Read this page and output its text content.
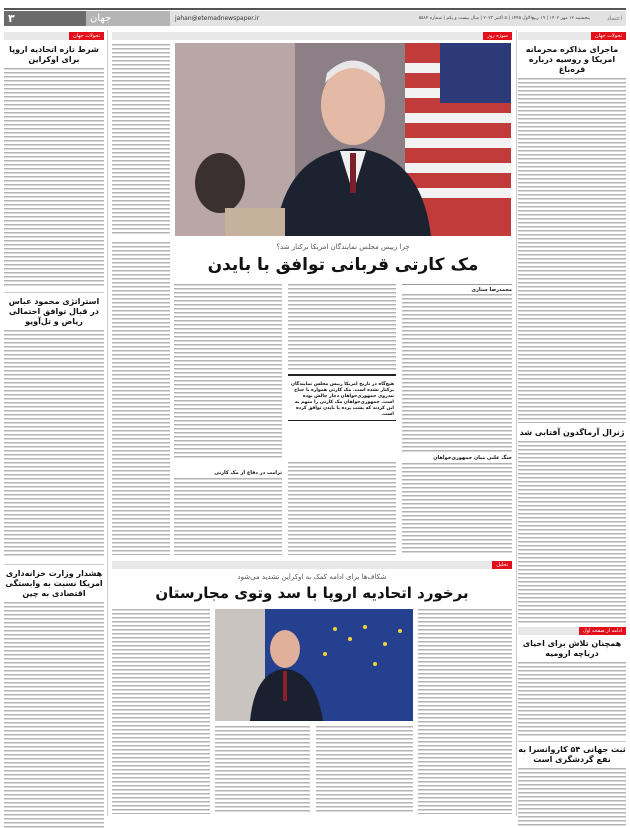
۳	جهان	jahan@etemadnewspaper.ir	پنجشنبه ۱۲ مهر ۱۴۰۲ | ۱۹ ربیع‌الاول ۱۴۴۵ | ۵ اکتبر ۲۰۲۳ | سال بیست و یکم | شماره ۵۵۸۴	اعتماد
تحولات جهان
ماجرای مذاکره محرمانه امریکا و روسیه درباره قره‌باغ
ژنرال آرماگدون آفتابی شد
ادامه از صفحه اول
همچنان تلاش برای احیای دریاچه ارومیه
ثبت جهانی ۵۴ کاروانسرا به نفع گردشگری است
تحولات جهان
شرط تازه اتحادیه اروپا برای اوکراین
استراتژی محمود عباس در قبال توافق احتمالی ریاض و تل‌آویو
هشدار وزارت خزانه‌داری امریکا نسبت به وابستگی اقتصادی به چین
سوژه روز
چرا رییس مجلس نمایندگان امریکا برکنار شد؟
مک کارتی قربانی توافق با بایدن
محمدرضا ستاری
جنگ علنی میان جمهوری‌خواهان
هیچ‌گاه در تاریخ امریکا رییس مجلس نمایندگان برکنار نشده است. مک کارتی همواره با جناح تندروی جمهوری‌خواهان دچار چالش بوده است. جمهوری‌خواهان مک کارتی را متهم به این کردند که پشت پرده با بایدن توافق کرده است.
ترامپ در دفاع از مک کارتی
تحلیل
شکاف‌ها برای ادامه کمک به اوکراین تشدید می‌شود
برخورد اتحادیه اروپا با سد وتوی مجارستان
